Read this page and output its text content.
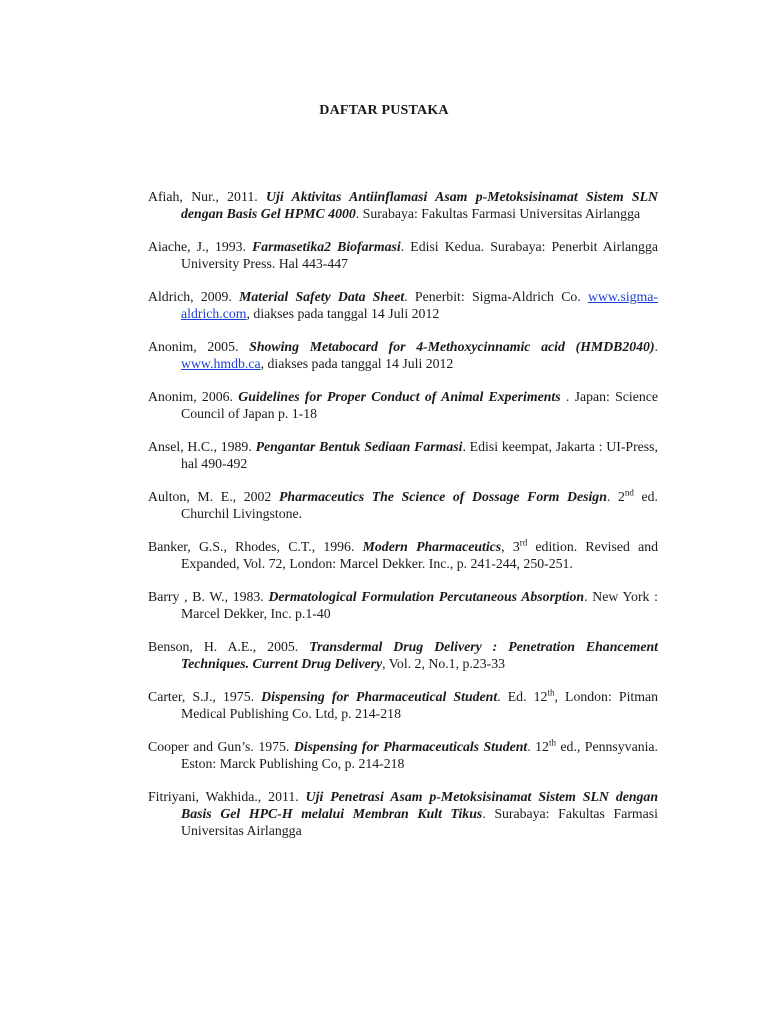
DAFTAR PUSTAKA

Afiah, Nur., 2011. Uji Aktivitas Antiinflamasi Asam p-Metoksisinamat Sistem SLN dengan Basis Gel HPMC 4000. Surabaya: Fakultas Farmasi Universitas Airlangga

Aiache, J., 1993. Farmasetika2 Biofarmasi. Edisi Kedua. Surabaya: Penerbit Airlangga University Press. Hal 443-447

Aldrich, 2009. Material Safety Data Sheet. Penerbit: Sigma-Aldrich Co. www.sigma-aldrich.com, diakses pada tanggal 14 Juli 2012

Anonim, 2005. Showing Metabocard for 4-Methoxycinnamic acid (HMDB2040). www.hmdb.ca, diakses pada tanggal 14 Juli 2012

Anonim, 2006. Guidelines for Proper Conduct of Animal Experiments . Japan: Science Council of Japan p. 1-18

Ansel, H.C., 1989. Pengantar Bentuk Sediaan Farmasi. Edisi keempat, Jakarta : UI-Press, hal 490-492

Aulton, M. E., 2002 Pharmaceutics The Science of Dossage Form Design. 2nd ed. Churchil Livingstone.

Banker, G.S., Rhodes, C.T., 1996. Modern Pharmaceutics, 3rd edition. Revised and Expanded, Vol. 72, London: Marcel Dekker. Inc., p. 241-244, 250-251.

Barry , B. W., 1983. Dermatological Formulation Percutaneous Absorption. New York : Marcel Dekker, Inc. p.1-40

Benson, H. A.E., 2005. Transdermal Drug Delivery : Penetration Ehancement Techniques. Current Drug Delivery, Vol. 2, No.1, p.23-33

Carter, S.J., 1975. Dispensing for Pharmaceutical Student. Ed. 12th, London: Pitman Medical Publishing Co. Ltd, p. 214-218

Cooper and Gun’s. 1975. Dispensing for Pharmaceuticals Student. 12th ed., Pennsyvania. Eston: Marck Publishing Co, p. 214-218

Fitriyani, Wakhida., 2011. Uji Penetrasi Asam p-Metoksisinamat Sistem SLN dengan Basis Gel HPC-H melalui Membran Kult Tikus. Surabaya: Fakultas Farmasi Universitas Airlangga
